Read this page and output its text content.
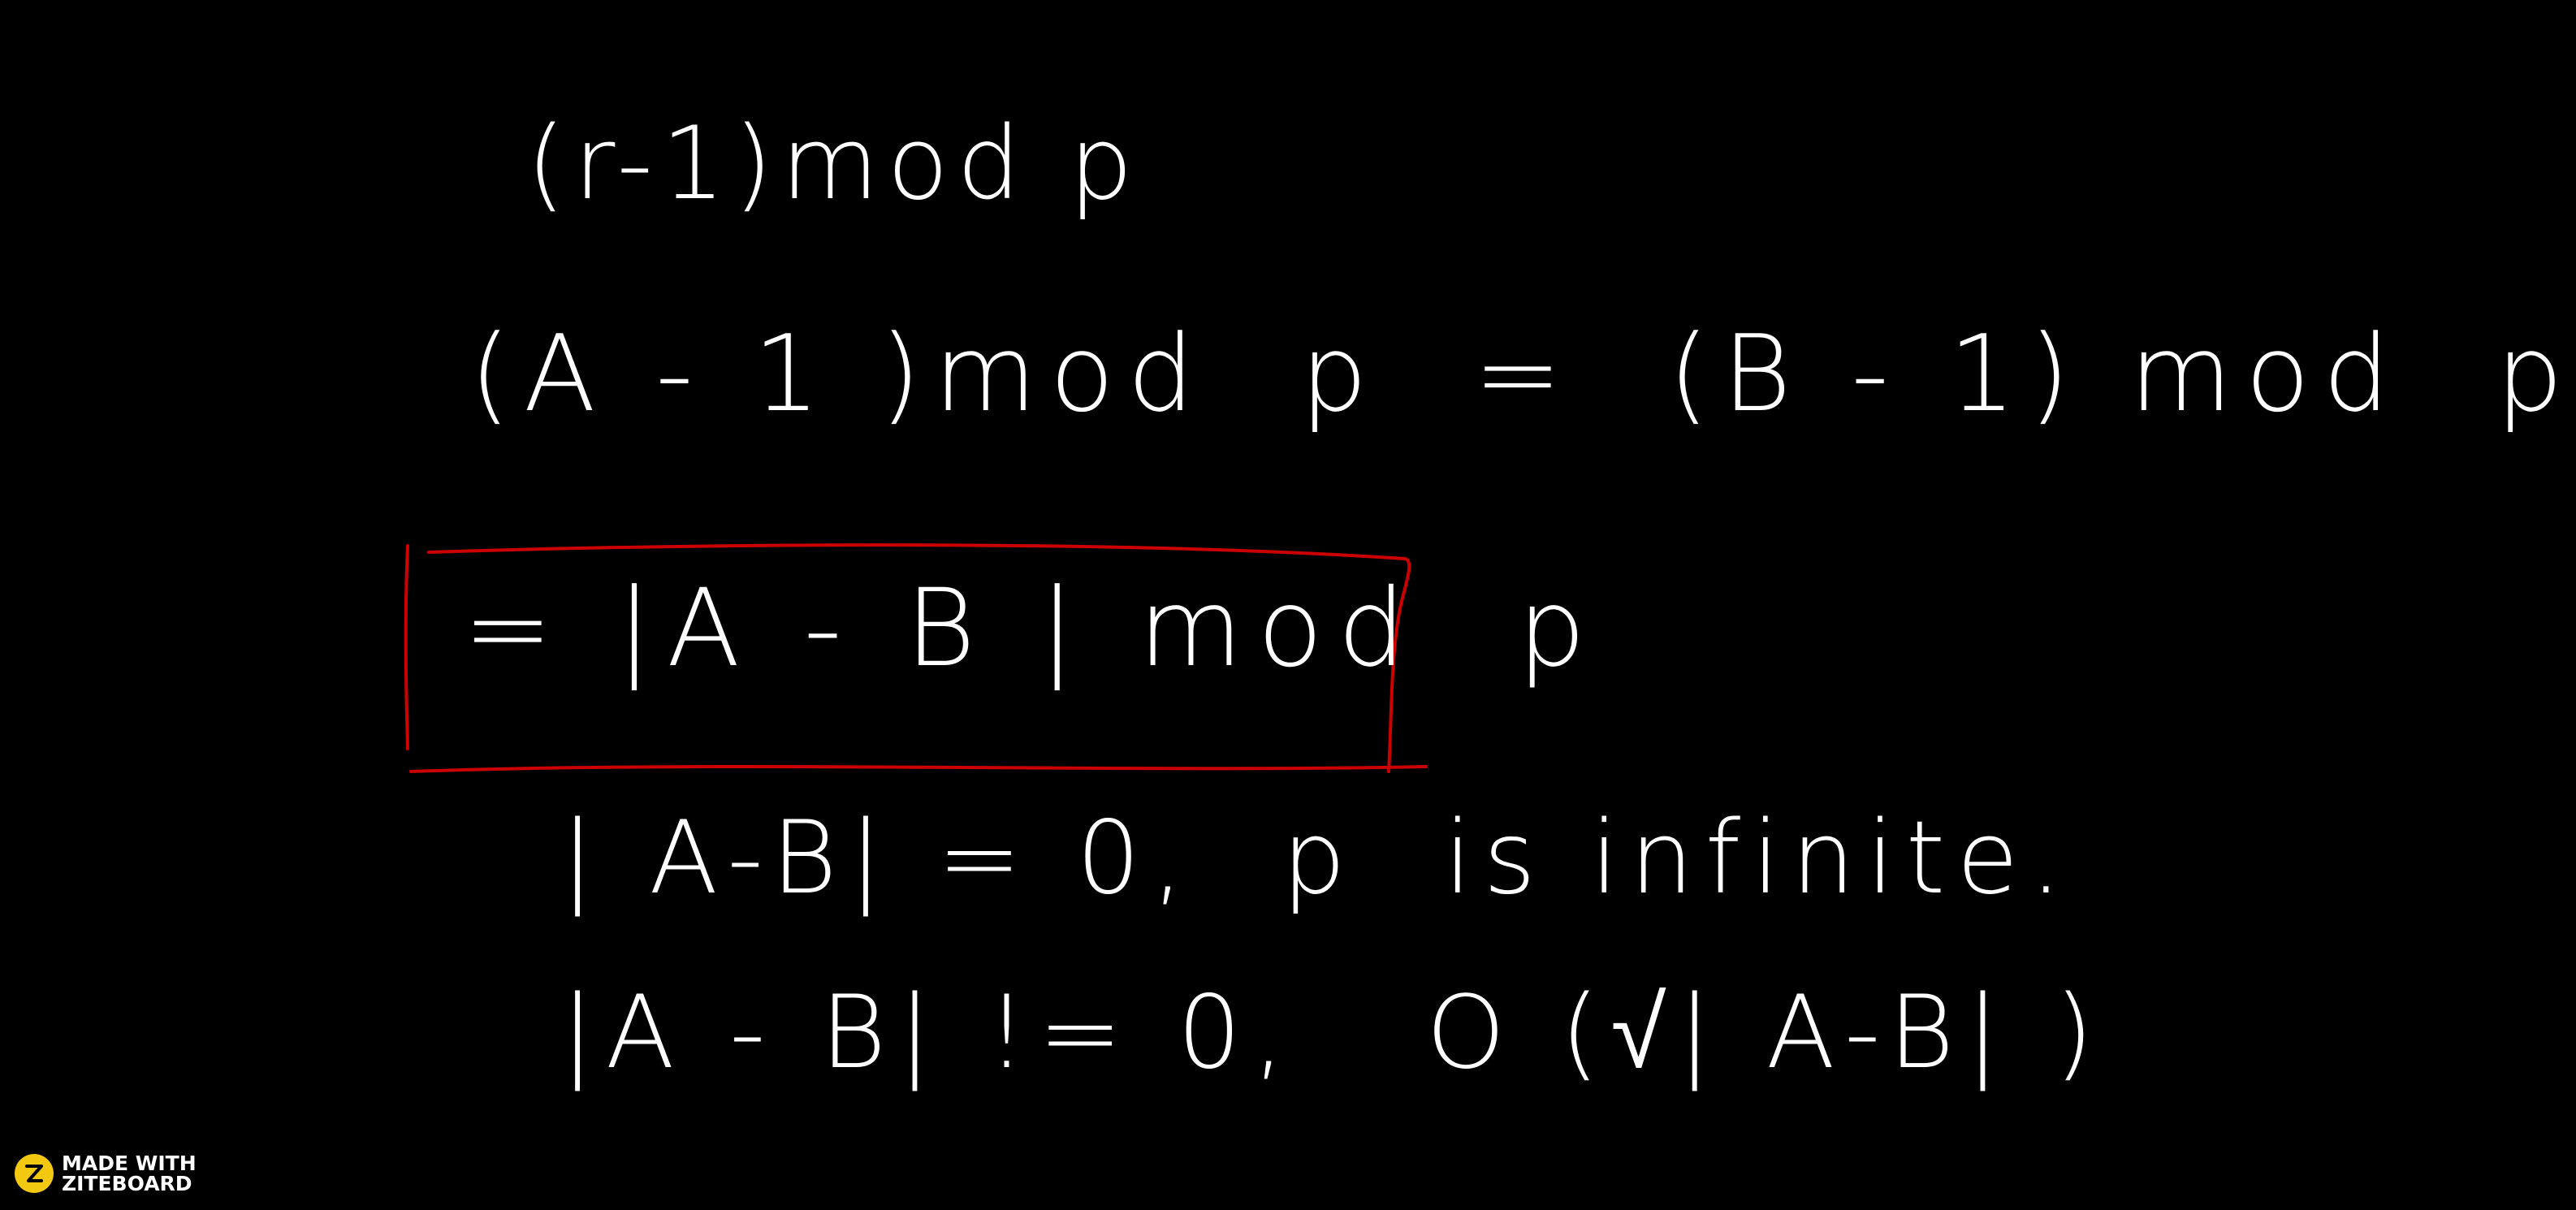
(r-1)mod p
(A - 1 )mod  p  =  (B - 1) mod  p
= |A - B | mod  p
| A-B| = 0,  p  is infinite.
|A - B| != 0,   O (√| A-B| )
MADE WITH
ZITEBOARD
